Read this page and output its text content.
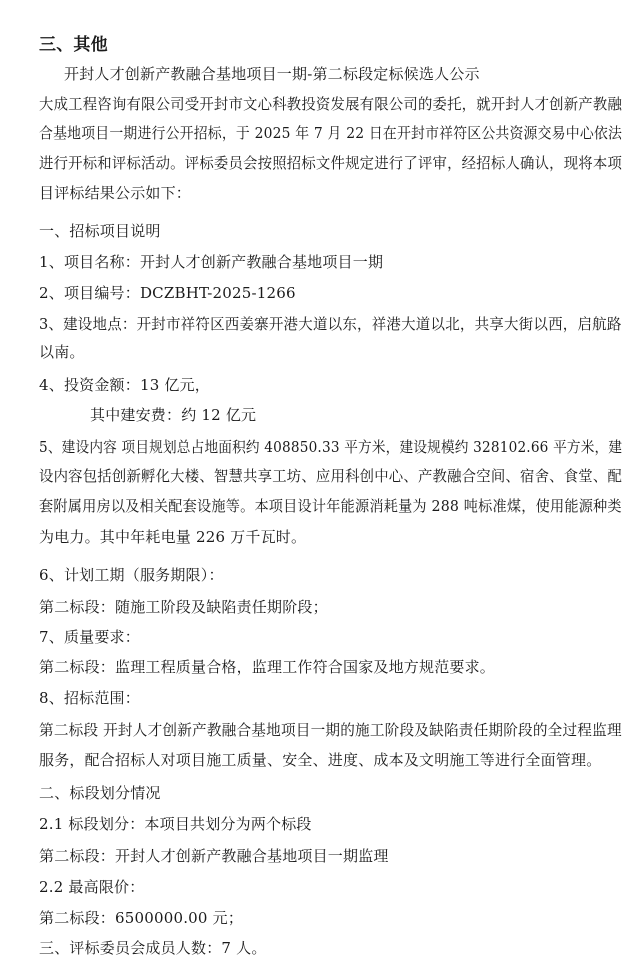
三、其他
开封人才创新产教融合基地项目一期-第二标段定标候选人公示
大成工程咨询有限公司受开封市文心科教投资发展有限公司的委托，就开封人才创新产教融
合基地项目一期进行公开招标，于 2025 年 7 月 22 日在开封市祥符区公共资源交易中心依法
进行开标和评标活动。评标委员会按照招标文件规定进行了评审，经招标人确认，现将本项
目评标结果公示如下：
一、招标项目说明
1、项目名称：开封人才创新产教融合基地项目一期
2、项目编号：DCZBHT-2025-1266
3、建设地点：开封市祥符区西姜寨开港大道以东，祥港大道以北，共享大街以西，启航路
以南。
4、投资金额：13 亿元，
其中建安费：约 12 亿元
5、建设内容 项目规划总占地面积约 408850.33 平方米，建设规模约 328102.66 平方米，建
设内容包括创新孵化大楼、智慧共享工坊、应用科创中心、产教融合空间、宿舍、食堂、配
套附属用房以及相关配套设施等。本项目设计年能源消耗量为 288 吨标准煤，使用能源种类
为电力。其中年耗电量 226 万千瓦时。
6、计划工期（服务期限）：
第二标段：随施工阶段及缺陷责任期阶段；
7、质量要求：
第二标段：监理工程质量合格，监理工作符合国家及地方规范要求。
8、招标范围：
第二标段 开封人才创新产教融合基地项目一期的施工阶段及缺陷责任期阶段的全过程监理
服务，配合招标人对项目施工质量、安全、进度、成本及文明施工等进行全面管理。
二、标段划分情况
2.1 标段划分：本项目共划分为两个标段
第二标段：开封人才创新产教融合基地项目一期监理
2.2 最高限价：
第二标段：6500000.00 元；
三、评标委员会成员人数：7 人。
